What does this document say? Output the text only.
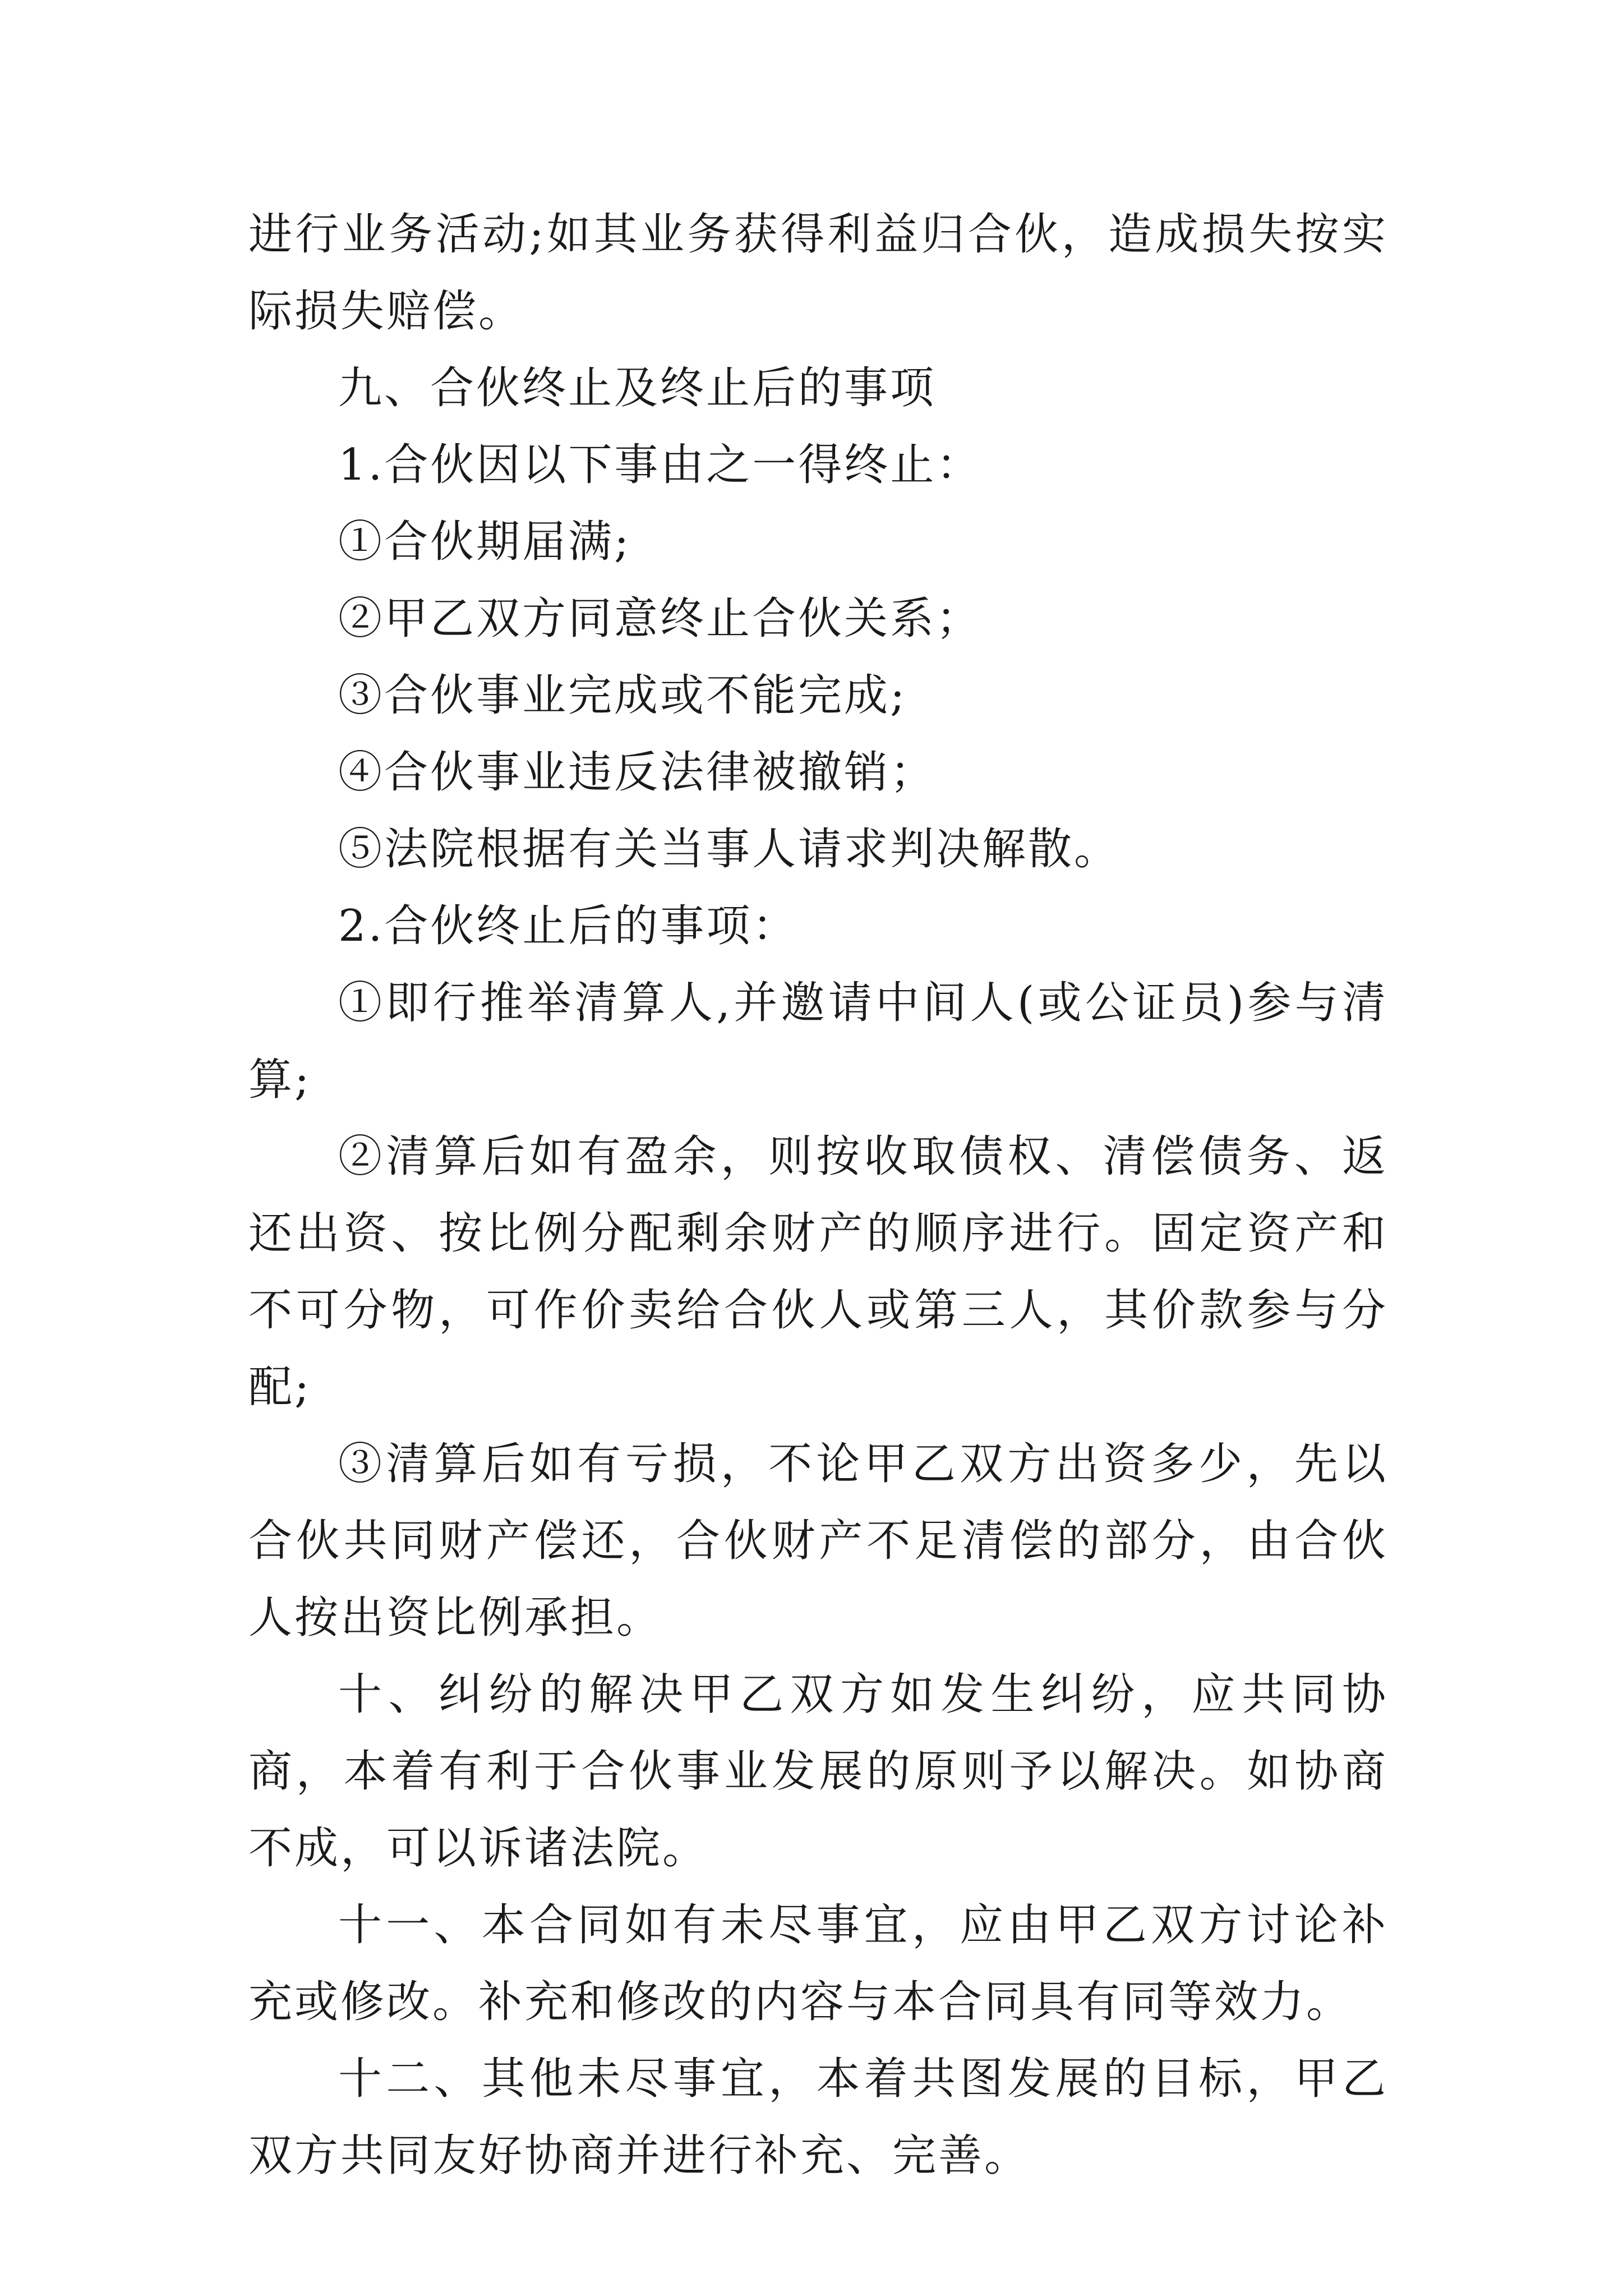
进行业务活动;如其业务获得利益归合伙，造成损失按实际损失赔偿。

九、合伙终止及终止后的事项

1.合伙因以下事由之一得终止：

①合伙期届满;

②甲乙双方同意终止合伙关系；

③合伙事业完成或不能完成;

④合伙事业违反法律被撤销；

⑤法院根据有关当事人请求判决解散。

2.合伙终止后的事项：

①即行推举清算人,并邀请中间人(或公证员)参与清算;

②清算后如有盈余，则按收取债权、清偿债务、返还出资、按比例分配剩余财产的顺序进行。固定资产和不可分物，可作价卖给合伙人或第三人，其价款参与分配;

③清算后如有亏损，不论甲乙双方出资多少，先以合伙共同财产偿还，合伙财产不足清偿的部分，由合伙人按出资比例承担。

十、纠纷的解决甲乙双方如发生纠纷，应共同协商，本着有利于合伙事业发展的原则予以解决。如协商不成，可以诉诸法院。

十一、本合同如有未尽事宜，应由甲乙双方讨论补充或修改。补充和修改的内容与本合同具有同等效力。

十二、其他未尽事宜，本着共图发展的目标，甲乙双方共同友好协商并进行补充、完善。
